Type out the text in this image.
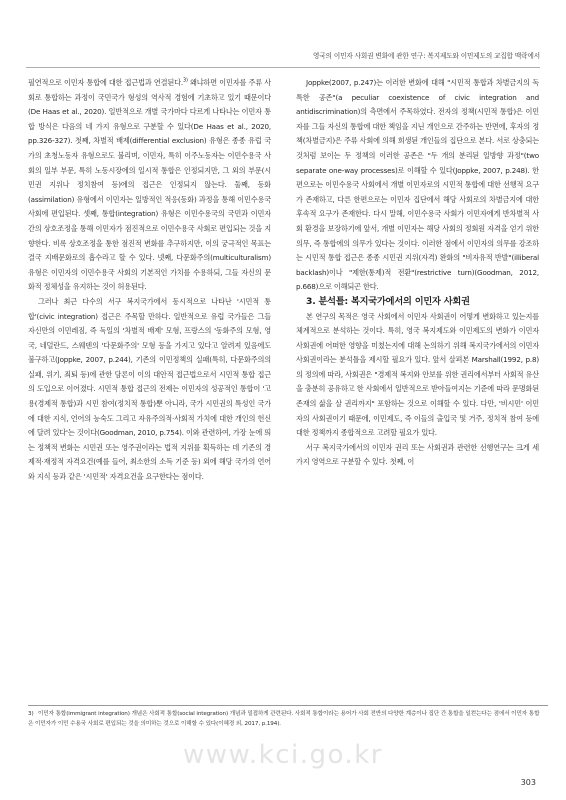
영국의 이민자 사회권 변화에 관한 연구: 복지제도와 이민제도의 교집합 맥락에서

필연적으로 이민자 통합에 대한 접근법과 연결된다.$^{3)}$ 왜냐하면 이민자를 주류 사회로 통합하는 과정이 국민국가 형성의 역사적 경험에 기초하고 있기 때문이다(De Haas et al., 2020). 일반적으로 개별 국가마다 다르게 나타나는 이민자 통합 방식은 다음의 네 가지 유형으로 구분할 수 있다(De Haas et al., 2020, pp.326-327). 첫째, 차별적 배제(differential exclusion) 유형은 종종 유럽 국가의 초청노동자 유형으로도 불리며, 이민자, 특히 이주노동자는 이민수용국 사회의 일부 부문, 특히 노동시장에의 일시적 통합은 인정되지만, 그 외의 부문(시민권 지위나 정치참여 등)에의 접근은 인정되지 않는다. 둘째, 동화(assimilation) 유형에서 이민자는 일방적인 적응(동화) 과정을 통해 이민수용국 사회에 편입된다. 셋째, 통합(integration) 유형은 이민수용국의 국민과 이민자 간의 상호조정을 통해 이민자가 점진적으로 이민수용국 사회로 편입되는 것을 지향한다. 비록 상호조정을 통한 점진적 변화를 추구하지만, 이의 궁극적인 목표는 결국 지배문화로의 흡수라고 할 수 있다. 넷째, 다문화주의(multiculturalism) 유형은 이민자의 이민수용국 사회의 기본적인 가치를 수용하되, 그들 자신의 문화적 정체성을 유지하는 것이 허용된다.

그러나 최근 다수의 서구 복지국가에서 동시적으로 나타난 '시민적 통합'(civic integration) 접근은 주목할 만하다. 일반적으로 유럽 국가들은 그들 자신만의 이민레짐, 즉 독일의 '차별적 배제' 모형, 프랑스의 '동화주의 모형, 영국, 네덜란드, 스웨덴의 '다문화주의' 모형 등을 가지고 있다고 알려져 있음에도 불구하고(Joppke, 2007, p.244), 기존의 이민정책의 실패(특히, 다문화주의의 실패, 위기, 죄퇴 등)에 관한 담론이 이의 대안적 접근법으로서 시민적 통합 접근의 도입으로 이어졌다. 시민적 통합 접근의 전제는 이민자의 성공적인 통합이 '고용(경제적 통합)과 시민 참여(정치적 통합)뿐 아니라, 국가 시민권의 특성인 국가에 대한 지식, 언어의 능숙도 그리고 자유주의적·사회적 가치에 대한 개인의 헌신에 달려 있다'는 것이다(Goodman, 2010, p.754). 이와 관련하여, 가장 눈에 띄는 정책적 변화는 시민권 또는 영주권이라는 법적 지위를 획득하는 데 기존의 경제적·재정적 자격요건(예를 들어, 최소한의 소득 기준 등) 외에 해당 국가의 언어와 지식 등과 같은 '시민적' 자격요건을 요구한다는 점이다.

Joppke(2007, p.247)는 이러한 변화에 대해 "시민적 통합과 차별금지의 독특한 공존"(a peculiar coexistence of civic integration and antidiscrimination)의 측면에서 주목하였다. 전자의 정책(시민적 통합)은 이민자를 그들 자신의 통합에 대한 책임을 지닌 개인으로 간주하는 반면에, 후자의 정책(차별금지)은 주류 사회에 의해 희생된 개인들의 집단으로 본다. 서로 상충되는 것처럼 보이는 두 정책의 이러한 공존은 "두 개의 분리된 일방향 과정"(two separate one-way processes)로 이해할 수 있다(Joppke, 2007, p.248). 한편으로는 이민수용국 사회에서 개별 이민자로의 시민적 통합에 대한 선행적 요구가 존재하고, 다른 한편으로는 이민자 집단에서 해당 사회로의 차별금지에 대한 후속적 요구가 존재한다. 다시 말해, 이민수용국 사회가 이민자에게 반차별적 사회 환경을 보장하기에 앞서, 개별 이민자는 해당 사회의 정회원 자격을 얻기 위한 의무, 즉 통합에의 의무가 있다는 것이다. 이러한 점에서 이민자의 의무를 강조하는 시민적 통합 접근은 종종 시민권 지위(자격) 완화의 "비자유적 반발"(illiberal backlash)이나 "제한(통제)적 전환"(restrictive turn)(Goodman, 2012, p.668)으로 이해되곤 한다.

3. 분석틀: 복지국가에서의 이민자 사회권

본 연구의 목적은 영국 사회에서 이민자 사회권이 어떻게 변화하고 있는지를 체계적으로 분석하는 것이다. 특히, 영국 복지제도와 이민제도의 변화가 이민자 사회권에 어떠한 영향을 미쳤는지에 대해 논의하기 위해 복지국가에서의 이민자 사회권이라는 분석틀을 제시할 필요가 있다. 앞서 살펴본 Marshall(1992, p.8)의 정의에 따라, 사회권은 "경제적 복지와 안보를 위한 권리에서부터 사회적 유산을 충분히 공유하고 한 사회에서 일반적으로 받아들여지는 기준에 따라 문명화된 존재의 삶을 살 권리까지" 포함하는 것으로 이해할 수 있다. 다만, '비시민' 이민자의 사회권이기 때문에, 이민제도, 즉 이들의 출입국 및 거주, 정치적 참여 등에 대한 정책까지 종합적으로 고려할 필요가 있다.

서구 복지국가에서의 이민자 권리 또는 사회권과 관련한 선행연구는 크게 세 가지 영역으로 구분할 수 있다. 첫째, 이

3) 이민자 통합(immigrant integration) 개념은 사회적 통합(social integration) 개념과 밀접하게 관련된다. 사회적 통합이라는 용어가 사회 전반의 다양한 계층이나 집단 간 통합을 일컫는다는 점에서 이민자 통합은 이민자가 이민 수용국 사회로 편입되는 것을 의미하는 것으로 이해할 수 있다(이혜경 외, 2017, p.194).
www.kci.go.kr
303
